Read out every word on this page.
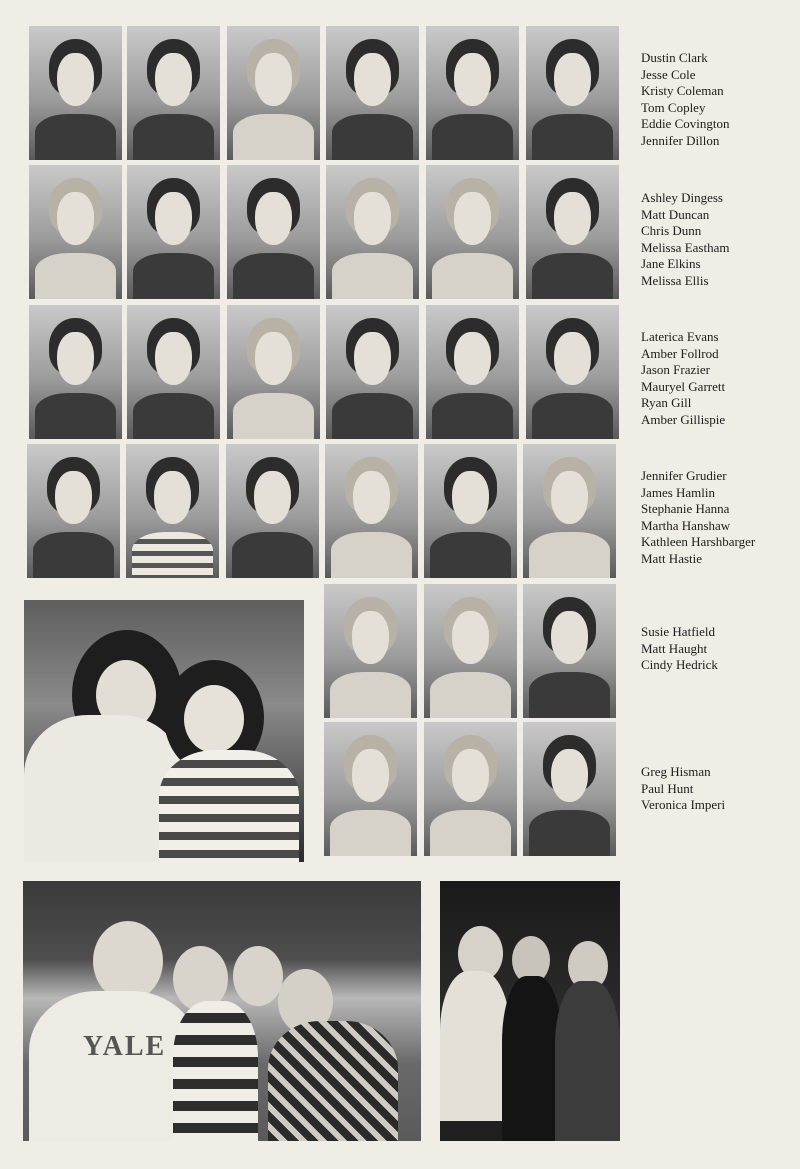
Dustin Clark
Jesse Cole
Kristy Coleman
Tom Copley
Eddie Covington
Jennifer Dillon
Ashley Dingess
Matt Duncan
Chris Dunn
Melissa Eastham
Jane Elkins
Melissa Ellis
Laterica Evans
Amber Follrod
Jason Frazier
Mauryel Garrett
Ryan Gill
Amber Gillispie
Jennifer Grudier
James Hamlin
Stephanie Hanna
Martha Hanshaw
Kathleen Harshbarger
Matt Hastie
Susie Hatfield
Matt Haught
Cindy Hedrick
Greg Hisman
Paul Hunt
Veronica Imperi
YALE
